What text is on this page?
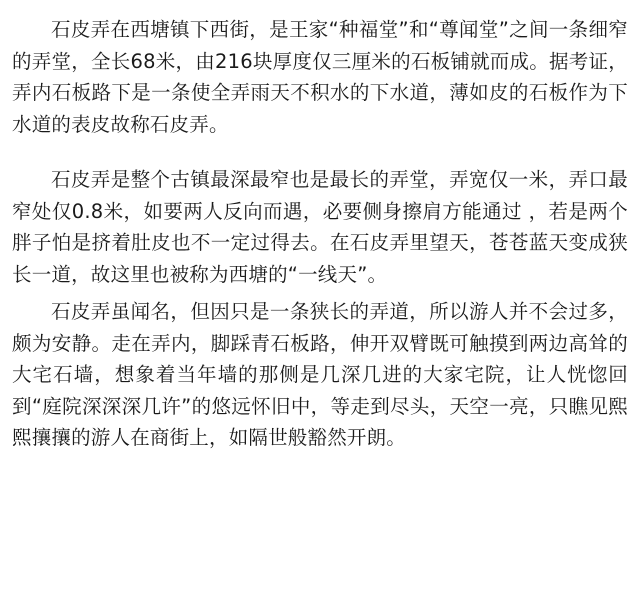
石皮弄在西塘镇下西街，是王家“种福堂”和“尊闻堂”之间一条细窄的弄堂，全长68米，由216块厚度仅三厘米的石板铺就而成。据考证，弄内石板路下是一条使全弄雨天不积水的下水道，薄如皮的石板作为下水道的表皮故称石皮弄。

石皮弄是整个古镇最深最窄也是最长的弄堂，弄宽仅一米，弄口最窄处仅0.8米，如要两人反向而遇，必要侧身擦肩方能通过 ，若是两个胖子怕是挤着肚皮也不一定过得去。在石皮弄里望天，苍苍蓝天变成狭长一道，故这里也被称为西塘的“一线天”。

石皮弄虽闻名，但因只是一条狭长的弄道，所以游人并不会过多，颇为安静。走在弄内，脚踩青石板路，伸开双臂既可触摸到两边高耸的大宅石墙，想象着当年墙的那侧是几深几进的大家宅院，让人恍惚回到“庭院深深深几许”的悠远怀旧中，等走到尽头，天空一亮，只瞧见熙熙攘攘的游人在商街上，如隔世般豁然开朗。
